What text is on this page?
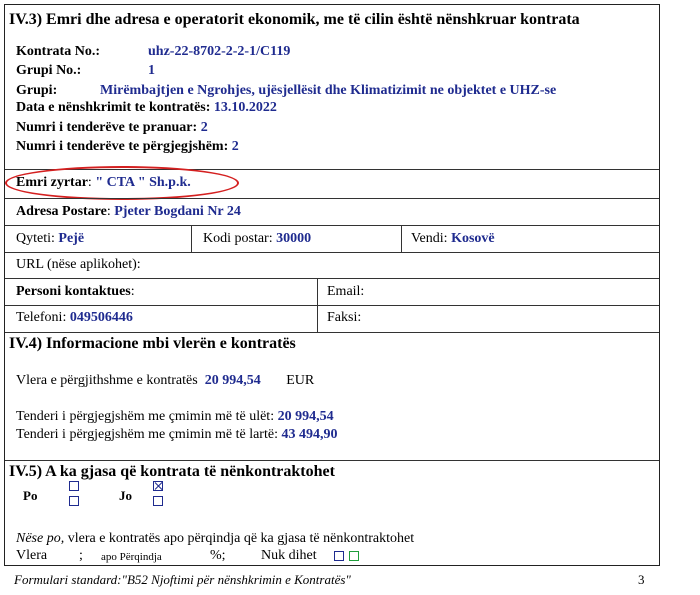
IV.3) Emri dhe adresa e operatorit ekonomik, me të cilin është nënshkruar kontrata
Kontrata No.:	uhz-22-8702-2-2-1/C119
Grupi No.:	1
Grupi:	Mirëmbajtjen e Ngrohjes, ujësjellësit dhe Klimatizimit ne objektet e UHZ-se
Data e nënshkrimit te kontratës: 13.10.2022
Numri i tenderëve te pranuar: 2
Numri i tenderëve te përgjegjshëm: 2
Emri zyrtar: " CTA " Sh.p.k.
Adresa Postare: Pjeter Bogdani Nr 24
Qyteti: Pejë	Kodi postar: 30000	Vendi: Kosovë
URL (nëse aplikohet):
Personi kontaktues:	Email:
Telefoni: 049506446	Faksi:
IV.4) Informacione mbi vlerën e kontratës
Vlera e përgjithshme e kontratës 20 994,54 EUR
Tenderi i përgjegjshëm me çmimin më të ulët: 20 994,54
Tenderi i përgjegjshëm me çmimin më të lartë: 43 494,90
IV.5) A ka gjasa që kontrata të nënkontraktohet
Po	Jo
Nëse po, vlera e kontratës apo përqindja që ka gjasa të nënkontraktohet
Vlera ; apo Përqindja	%;	Nuk dihet
Formulari standard:"B52 Njoftimi për nënshkrimin e Kontratës"	3
